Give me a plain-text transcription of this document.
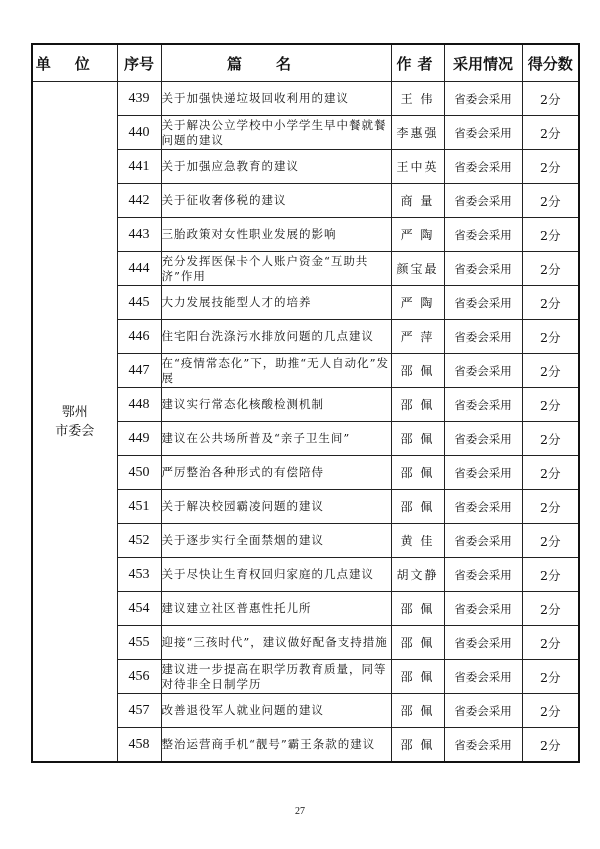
单位	序号	篇名	作者	采用情况	得分数

鄂州
市委会	439	关于加强快递垃圾回收利用的建议	王 伟	省委会采用	2分
	440	关于解决公立学校中小学学生早中餐就餐问题的建议	李惠强	省委会采用	2分
	441	关于加强应急教育的建议	王中英	省委会采用	2分
	442	关于征收奢侈税的建议	商 量	省委会采用	2分
	443	三胎政策对女性职业发展的影响	严 陶	省委会采用	2分
	444	充分发挥医保卡个人账户资金“互助共济”作用	颜宝最	省委会采用	2分
	445	大力发展技能型人才的培养	严 陶	省委会采用	2分
	446	住宅阳台洗涤污水排放问题的几点建议	严 萍	省委会采用	2分
	447	在“疫情常态化”下，助推“无人自动化”发展	邵 佩	省委会采用	2分
	448	建议实行常态化核酸检测机制	邵 佩	省委会采用	2分
	449	建议在公共场所普及“亲子卫生间”	邵 佩	省委会采用	2分
	450	严厉整治各种形式的有偿陪侍	邵 佩	省委会采用	2分
	451	关于解决校园霸凌问题的建议	邵 佩	省委会采用	2分
	452	关于逐步实行全面禁烟的建议	黄 佳	省委会采用	2分
	453	关于尽快让生育权回归家庭的几点建议	胡文静	省委会采用	2分
	454	建议建立社区普惠性托儿所	邵 佩	省委会采用	2分
	455	迎接“三孩时代”，建议做好配备支持措施	邵 佩	省委会采用	2分
	456	建议进一步提高在职学历教育质量，同等对待非全日制学历	邵 佩	省委会采用	2分
	457	改善退役军人就业问题的建议	邵 佩	省委会采用	2分
	458	整治运营商手机“靓号”霸王条款的建议	邵 佩	省委会采用	2分
27
